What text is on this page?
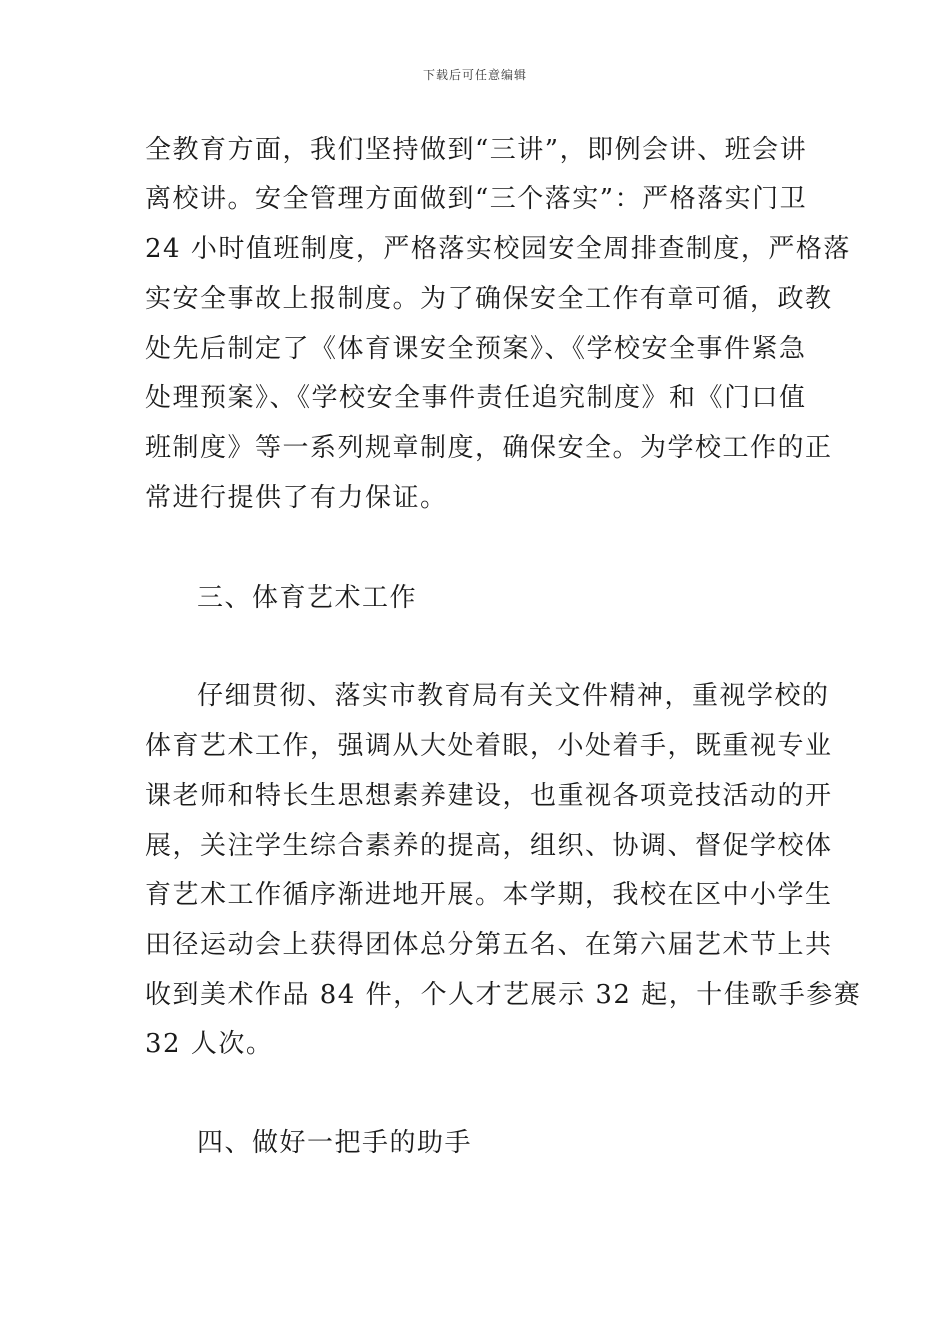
下载后可任意编辑
全教育方面，我们坚持做到“三讲”，即例会讲、班会讲
离校讲。安全管理方面做到“三个落实”：严格落实门卫
24 小时值班制度，严格落实校园安全周排查制度，严格落
实安全事故上报制度。为了确保安全工作有章可循，政教
处先后制定了《体育课安全预案》、《学校安全事件紧急
处理预案》、《学校安全事件责任追究制度》和《门口值
班制度》等一系列规章制度，确保安全。为学校工作的正
常进行提供了有力保证。
三、体育艺术工作
仔细贯彻、落实市教育局有关文件精神，重视学校的
体育艺术工作，强调从大处着眼，小处着手，既重视专业
课老师和特长生思想素养建设，也重视各项竞技活动的开
展，关注学生综合素养的提高，组织、协调、督促学校体
育艺术工作循序渐进地开展。本学期，我校在区中小学生
田径运动会上获得团体总分第五名、在第六届艺术节上共
收到美术作品 84 件，个人才艺展示 32 起，十佳歌手参赛
32 人次。
四、做好一把手的助手
